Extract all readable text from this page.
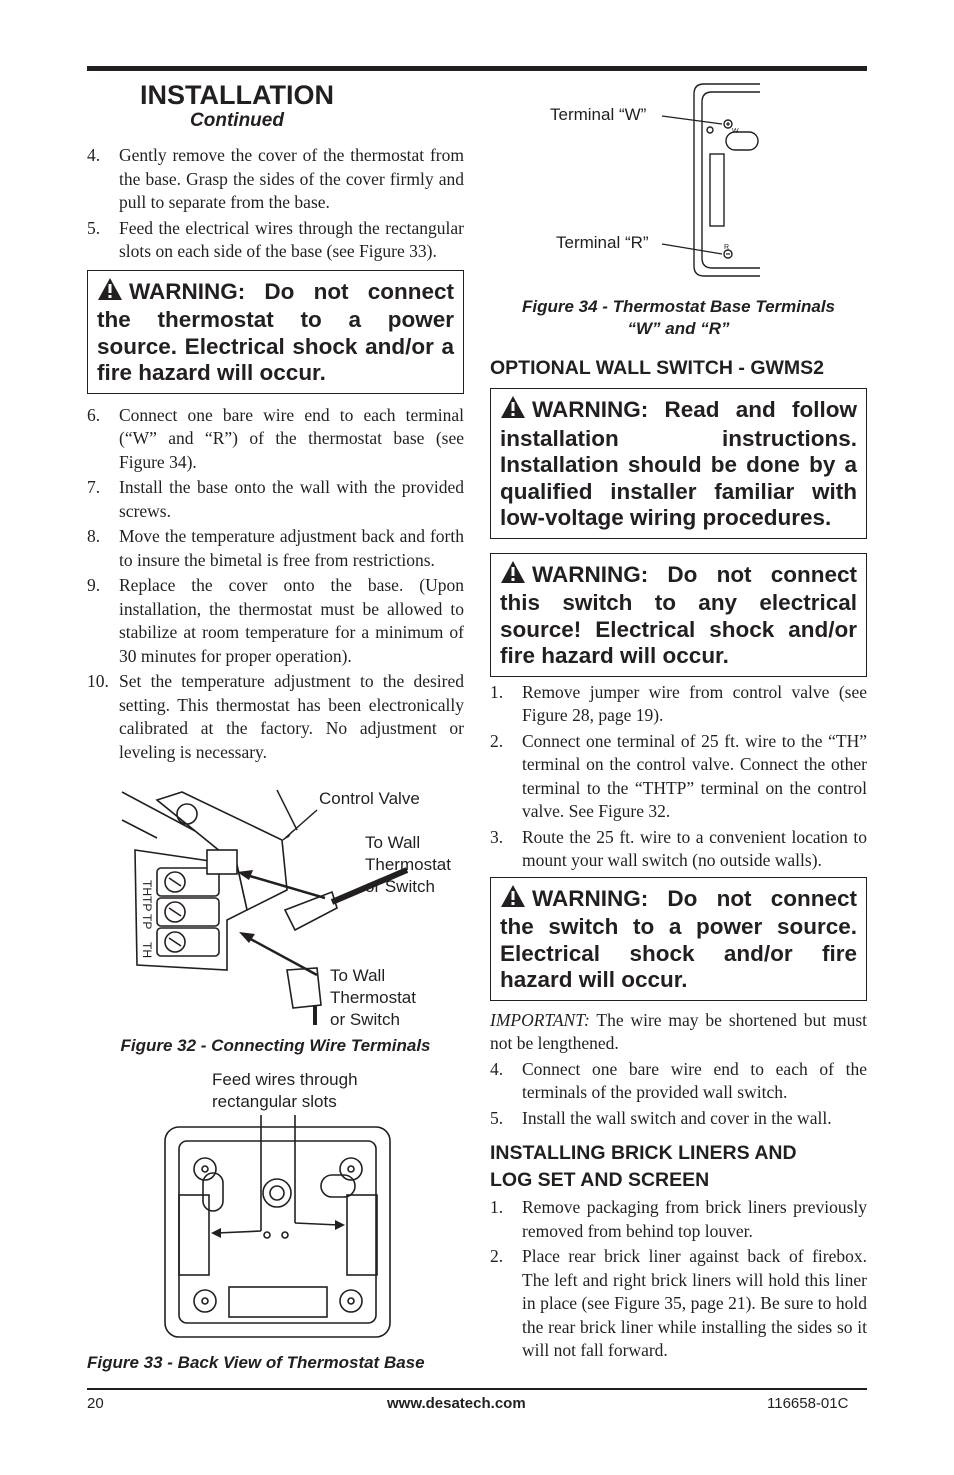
INSTALLATION
Continued
4. Gently remove the cover of the thermostat from the base. Grasp the sides of the cover firmly and pull to separate from the base.
5. Feed the electrical wires through the rectangular slots on each side of the base (see Figure 33).
WARNING: Do not connect the thermostat to a power source. Electrical shock and/or a fire hazard will occur.
6. Connect one bare wire end to each terminal (“W” and “R”) of the thermostat base (see Figure 34).
7. Install the base onto the wall with the provided screws.
8. Move the temperature adjustment back and forth to insure the bimetal is free from restrictions.
9. Replace the cover onto the base. (Upon installation, the thermostat must be allowed to stabilize at room temperature for a minimum of 30 minutes for proper operation).
10. Set the temperature adjustment to the desired setting. This thermostat has been electronically calibrated at the factory. No adjustment or leveling is necessary.
THTP
TP
TH
Control Valve
To Wall
Thermostat
or Switch
To Wall
Thermostat
or Switch
Figure 32 - Connecting Wire Terminals
Feed wires through
rectangular slots
Figure 33 - Back View of Thermostat Base
W
R
Terminal “W”
Terminal “R”
Figure 34 - Thermostat Base Terminals
“W” and “R”
OPTIONAL WALL SWITCH - GWMS2
WARNING: Read and follow installation instructions. Installation should be done by a qualified installer familiar with low-voltage wiring procedures.
WARNING: Do not connect this switch to any electrical source! Electrical shock and/or fire hazard will occur.
1. Remove jumper wire from control valve (see Figure 28, page 19).
2. Connect one terminal of 25 ft. wire to the “TH” terminal on the control valve. Connect the other terminal to the “THTP” terminal on the control valve. See Figure 32.
3. Route the 25 ft. wire to a convenient location to mount your wall switch (no outside walls).
WARNING: Do not connect the switch to a power source. Electrical shock and/or fire hazard will occur.
IMPORTANT: The wire may be shortened but must not be lengthened.
4. Connect one bare wire end to each of the terminals of the provided wall switch.
5. Install the wall switch and cover in the wall.
INSTALLING BRICK LINERS AND
LOG SET AND SCREEN
1. Remove packaging from brick liners previously removed from behind top louver.
2. Place rear brick liner against back of firebox. The left and right brick liners will hold this liner in place (see Figure 35, page 21). Be sure to hold the rear brick liner while installing the sides so it will not fall forward.
20	www.desatech.com	116658-01C
